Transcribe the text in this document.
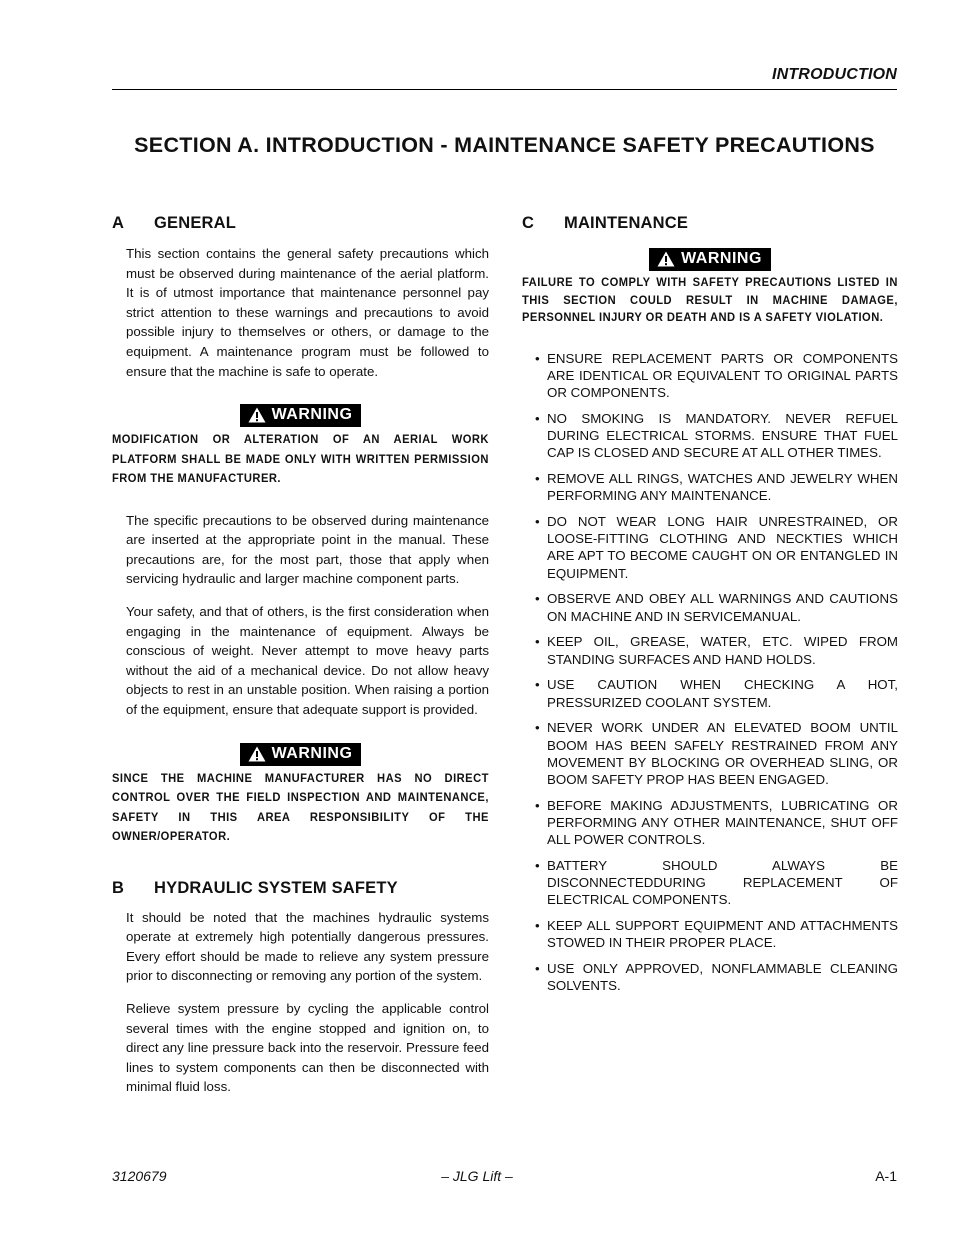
INTRODUCTION
SECTION A. INTRODUCTION - MAINTENANCE SAFETY PRECAUTIONS
A	GENERAL

This section contains the general safety precautions which must be observed during maintenance of the aerial platform. It is of utmost importance that maintenance personnel pay strict attention to these warnings and precautions to avoid possible injury to themselves or others, or damage to the equipment. A maintenance program must be followed to ensure that the machine is safe to operate.

WARNING

MODIFICATION OR ALTERATION OF AN AERIAL WORK PLATFORM SHALL BE MADE ONLY WITH WRITTEN PERMISSION FROM THE MANUFACTURER.

The specific precautions to be observed during maintenance are inserted at the appropriate point in the manual. These precautions are, for the most part, those that apply when servicing hydraulic and larger machine component parts.

Your safety, and that of others, is the first consideration when engaging in the maintenance of equipment. Always be conscious of weight. Never attempt to move heavy parts without the aid of a mechanical device. Do not allow heavy objects to rest in an unstable position. When raising a portion of the equipment, ensure that adequate support is provided.

WARNING

SINCE THE MACHINE MANUFACTURER HAS NO DIRECT CONTROL OVER THE FIELD INSPECTION AND MAINTENANCE, SAFETY IN THIS AREA RESPONSIBILITY OF THE OWNER/OPERATOR.

B	HYDRAULIC SYSTEM SAFETY

It should be noted that the machines hydraulic systems operate at extremely high potentially dangerous pressures. Every effort should be made to relieve any system pressure prior to disconnecting or removing any portion of the system.

Relieve system pressure by cycling the applicable control several times with the engine stopped and ignition on, to direct any line pressure back into the reservoir. Pressure feed lines to system components can then be disconnected with minimal fluid loss.

C	MAINTENANCE
WARNING

FAILURE TO COMPLY WITH SAFETY PRECAUTIONS LISTED IN THIS SECTION COULD RESULT IN MACHINE DAMAGE, PERSONNEL INJURY OR DEATH AND IS A SAFETY VIOLATION.

• ENSURE REPLACEMENT PARTS OR COMPONENTS ARE IDENTICAL OR EQUIVALENT TO ORIGINAL PARTS OR COMPONENTS.
• NO SMOKING IS MANDATORY. NEVER REFUEL DURING ELECTRICAL STORMS. ENSURE THAT FUEL CAP IS CLOSED AND SECURE AT ALL OTHER TIMES.
• REMOVE ALL RINGS, WATCHES AND JEWELRY WHEN PERFORMING ANY MAINTENANCE.
• DO NOT WEAR LONG HAIR UNRESTRAINED, OR LOOSE-FITTING CLOTHING AND NECKTIES WHICH ARE APT TO BECOME CAUGHT ON OR ENTANGLED IN EQUIPMENT.
• OBSERVE AND OBEY ALL WARNINGS AND CAUTIONS ON MACHINE AND IN SERVICEMANUAL.
• KEEP OIL, GREASE, WATER, ETC. WIPED FROM STANDING SURFACES AND HAND HOLDS.
• USE CAUTION WHEN CHECKING A HOT, PRESSURIZED COOLANT SYSTEM.
• NEVER WORK UNDER AN ELEVATED BOOM UNTIL BOOM HAS BEEN SAFELY RESTRAINED FROM ANY MOVEMENT BY BLOCKING OR OVERHEAD SLING, OR BOOM SAFETY PROP HAS BEEN ENGAGED.
• BEFORE MAKING ADJUSTMENTS, LUBRICATING OR PERFORMING ANY OTHER MAINTENANCE, SHUT OFF ALL POWER CONTROLS.
• BATTERY SHOULD ALWAYS BE DISCONNECTEDDURING REPLACEMENT OF ELECTRICAL COMPONENTS.
• KEEP ALL SUPPORT EQUIPMENT AND ATTACHMENTS STOWED IN THEIR PROPER PLACE.
• USE ONLY APPROVED, NONFLAMMABLE CLEANING SOLVENTS.
– JLG Lift –
3120679	A-1
